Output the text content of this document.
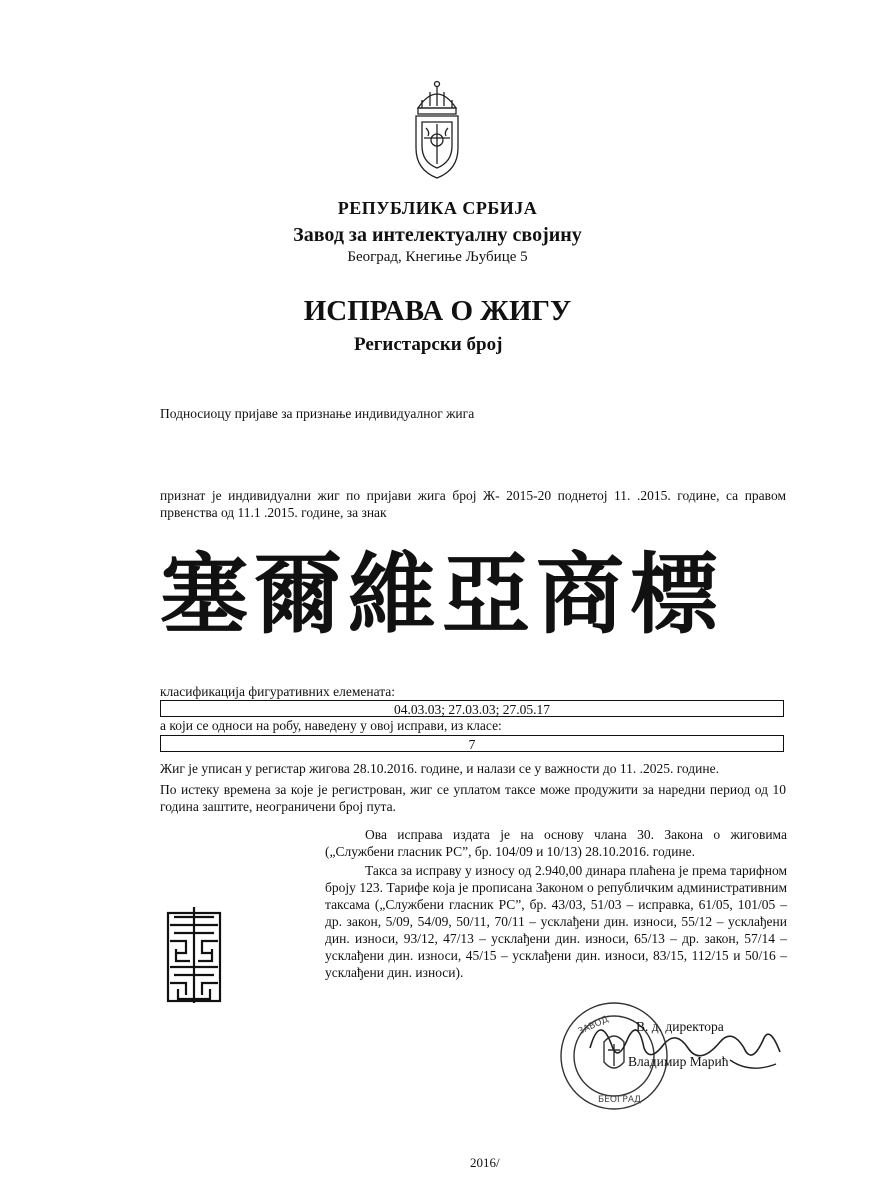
РЕПУБЛИКА СРБИЈА
Завод за интелектуалну својину
Београд, Кнегиње Љубице 5
ИСПРАВА О ЖИГУ
Регистарски број
Подносиоцу пријаве за признање индивидуалног жига
признат је индивидуални жиг по пријави жига број Ж- 2015-20 поднетој 11. .2015. године, са правом првенства од 11.1 .2015. године, за знак
塞爾維亞商標
класификација фигуративних елемената:
04.03.03; 27.03.03; 27.05.17
а који се односи на робу, наведену у овој исправи, из класе:
7
Жиг је уписан у регистар жигова 28.10.2016. године, и налази се у важности до 11. .2025. године.
По истеку времена за које је регистрован, жиг се уплатом таксе може продужити за наредни период од 10 година заштите, неограничени број пута.
Ова исправа издата је на основу члана 30. Закона о жиговима („Службени гласник РС”, бр. 104/09 и 10/13) 28.10.2016. године.
Такса за исправу у износу од 2.940,00 динара плаћена је према тарифном броју 123. Тарифе која је прописана Законом о републичким административним таксама („Службени гласник РС”, бр. 43/03, 51/03 – исправка, 61/05, 101/05 – др. закон, 5/09, 54/09, 50/11, 70/11 – усклађени дин. износи, 55/12 – усклађени дин. износи, 93/12, 47/13 – усклађени дин. износи, 65/13 – др. закон, 57/14 – усклађени дин. износи, 45/15 – усклађени дин. износи, 83/15, 112/15 и 50/16 – усклађени дин. износи).
ЗАВОД
БЕОГРАД
В. д. директора
Владимир Марић
2016/
